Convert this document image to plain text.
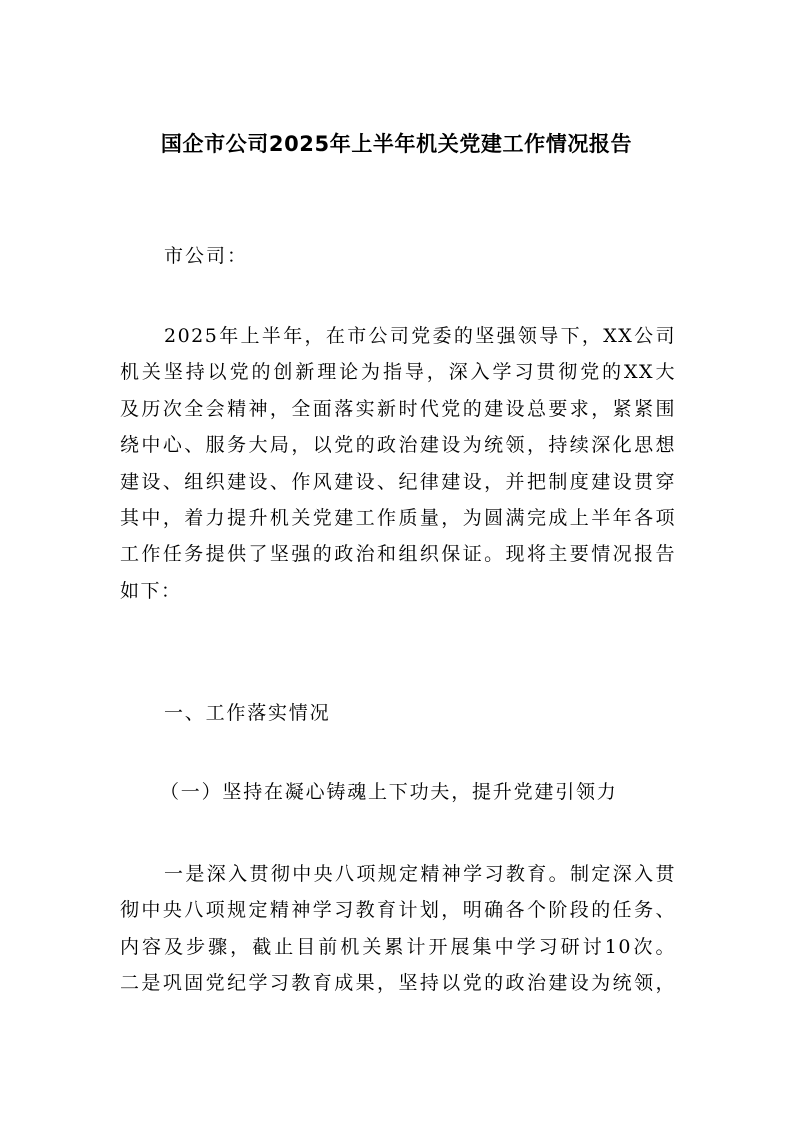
国企市公司2025年上半年机关党建工作情况报告
市公司：
2025年上半年，在市公司党委的坚强领导下，XX公司
机关坚持以党的创新理论为指导，深入学习贯彻党的XX大
及历次全会精神，全面落实新时代党的建设总要求，紧紧围
绕中心、服务大局，以党的政治建设为统领，持续深化思想
建设、组织建设、作风建设、纪律建设，并把制度建设贯穿
其中，着力提升机关党建工作质量，为圆满完成上半年各项
工作任务提供了坚强的政治和组织保证。现将主要情况报告
如下：
一、工作落实情况
（一）坚持在凝心铸魂上下功夫，提升党建引领力
一是深入贯彻中央八项规定精神学习教育。制定深入贯
彻中央八项规定精神学习教育计划，明确各个阶段的任务、
内容及步骤，截止目前机关累计开展集中学习研讨10次。
二是巩固党纪学习教育成果，坚持以党的政治建设为统领，
